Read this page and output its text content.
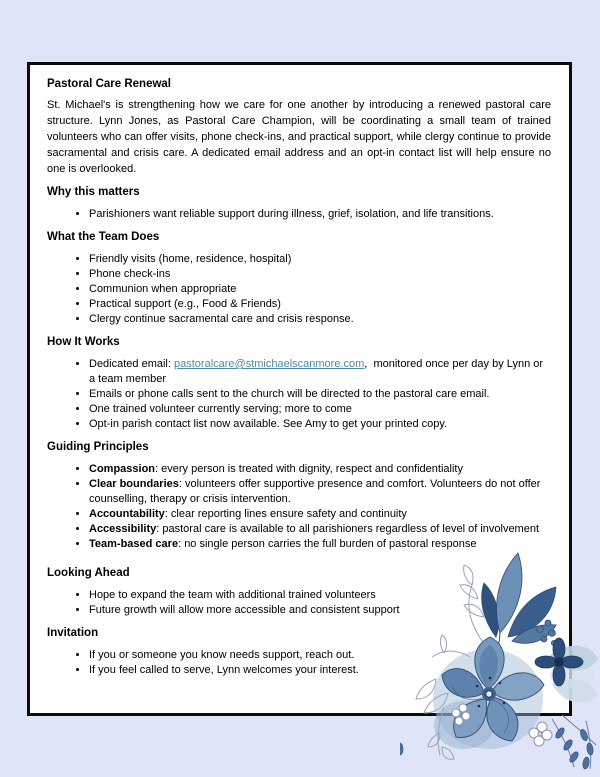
Pastoral Care Renewal

St. Michael's is strengthening how we care for one another by introducing a renewed pastoral care structure. Lynn Jones, as Pastoral Care Champion, will be coordinating a small team of trained volunteers who can offer visits, phone check-ins, and practical support, while clergy continue to provide sacramental and crisis care. A dedicated email address and an opt-in contact list will help ensure no one is overlooked.

Why this matters
• Parishioners want reliable support during illness, grief, isolation, and life transitions.
What the Team Does
• Friendly visits (home, residence, hospital)
• Phone check-ins
• Communion when appropriate
• Practical support (e.g., Food & Friends)
• Clergy continue sacramental care and crisis response.
How It Works
• Dedicated email: pastoralcare@stmichaelscanmore.com,  monitored once per day by Lynn or a team member
• Emails or phone calls sent to the church will be directed to the pastoral care email.
• One trained volunteer currently serving; more to come
• Opt-in parish contact list now available. See Amy to get your printed copy.
Guiding Principles
• Compassion: every person is treated with dignity, respect and confidentiality
• Clear boundaries: volunteers offer supportive presence and comfort. Volunteers do not offer counselling, therapy or crisis intervention.
• Accountability: clear reporting lines ensure safety and continuity
• Accessibility: pastoral care is available to all parishioners regardless of level of involvement
• Team-based care: no single person carries the full burden of pastoral response
Looking Ahead
• Hope to expand the team with additional trained volunteers
• Future growth will allow more accessible and consistent support
Invitation
• If you or someone you know needs support, reach out.
• If you feel called to serve, Lynn welcomes your interest.
